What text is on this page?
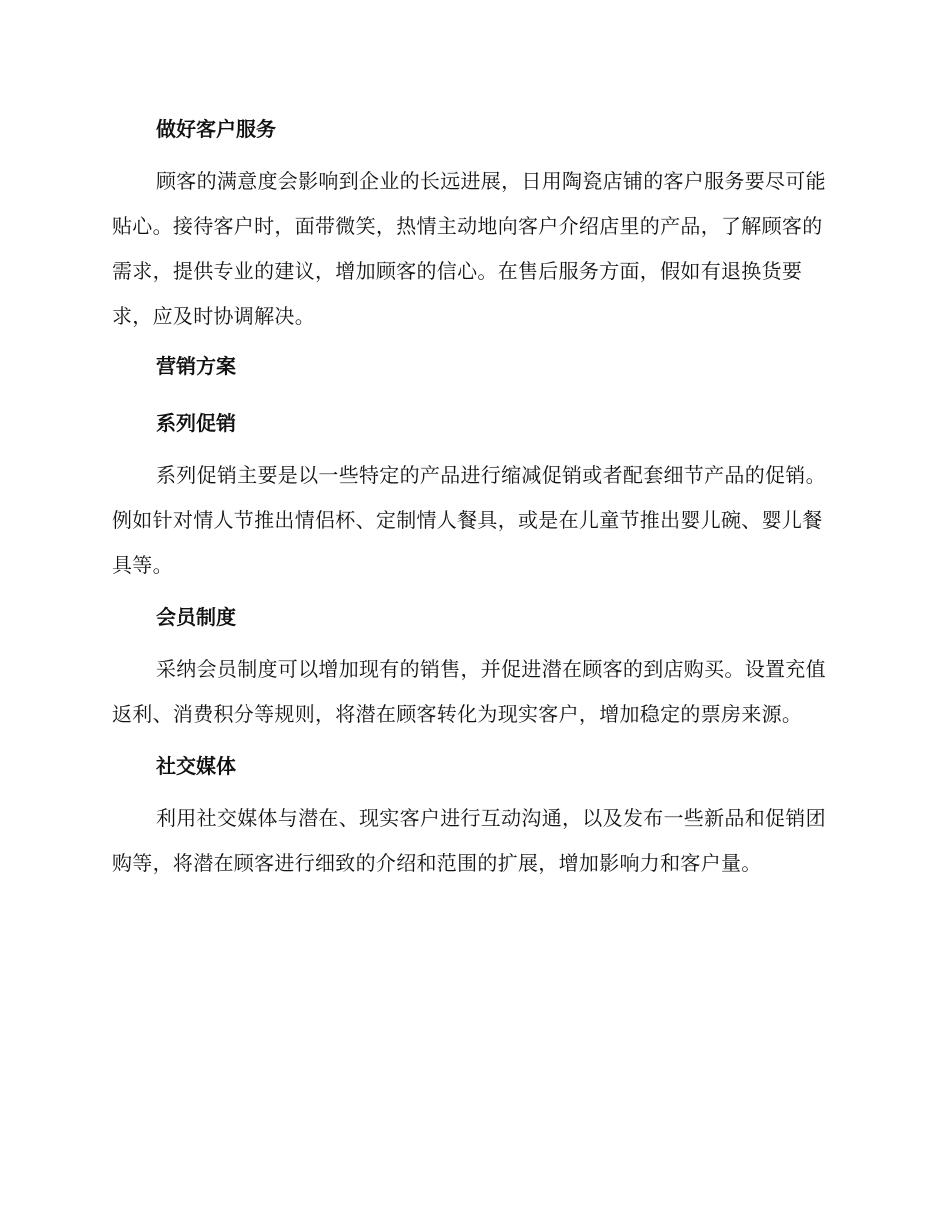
做好客户服务

顾客的满意度会影响到企业的长远进展，日用陶瓷店铺的客户服务要尽可能贴心。接待客户时，面带微笑，热情主动地向客户介绍店里的产品，了解顾客的需求，提供专业的建议，增加顾客的信心。在售后服务方面，假如有退换货要求，应及时协调解决。

营销方案
系列促销

系列促销主要是以一些特定的产品进行缩减促销或者配套细节产品的促销。例如针对情人节推出情侣杯、定制情人餐具，或是在儿童节推出婴儿碗、婴儿餐具等。

会员制度

采纳会员制度可以增加现有的销售，并促进潜在顾客的到店购买。设置充值返利、消费积分等规则，将潜在顾客转化为现实客户，增加稳定的票房来源。

社交媒体

利用社交媒体与潜在、现实客户进行互动沟通，以及发布一些新品和促销团购等，将潜在顾客进行细致的介绍和范围的扩展，增加影响力和客户量。
